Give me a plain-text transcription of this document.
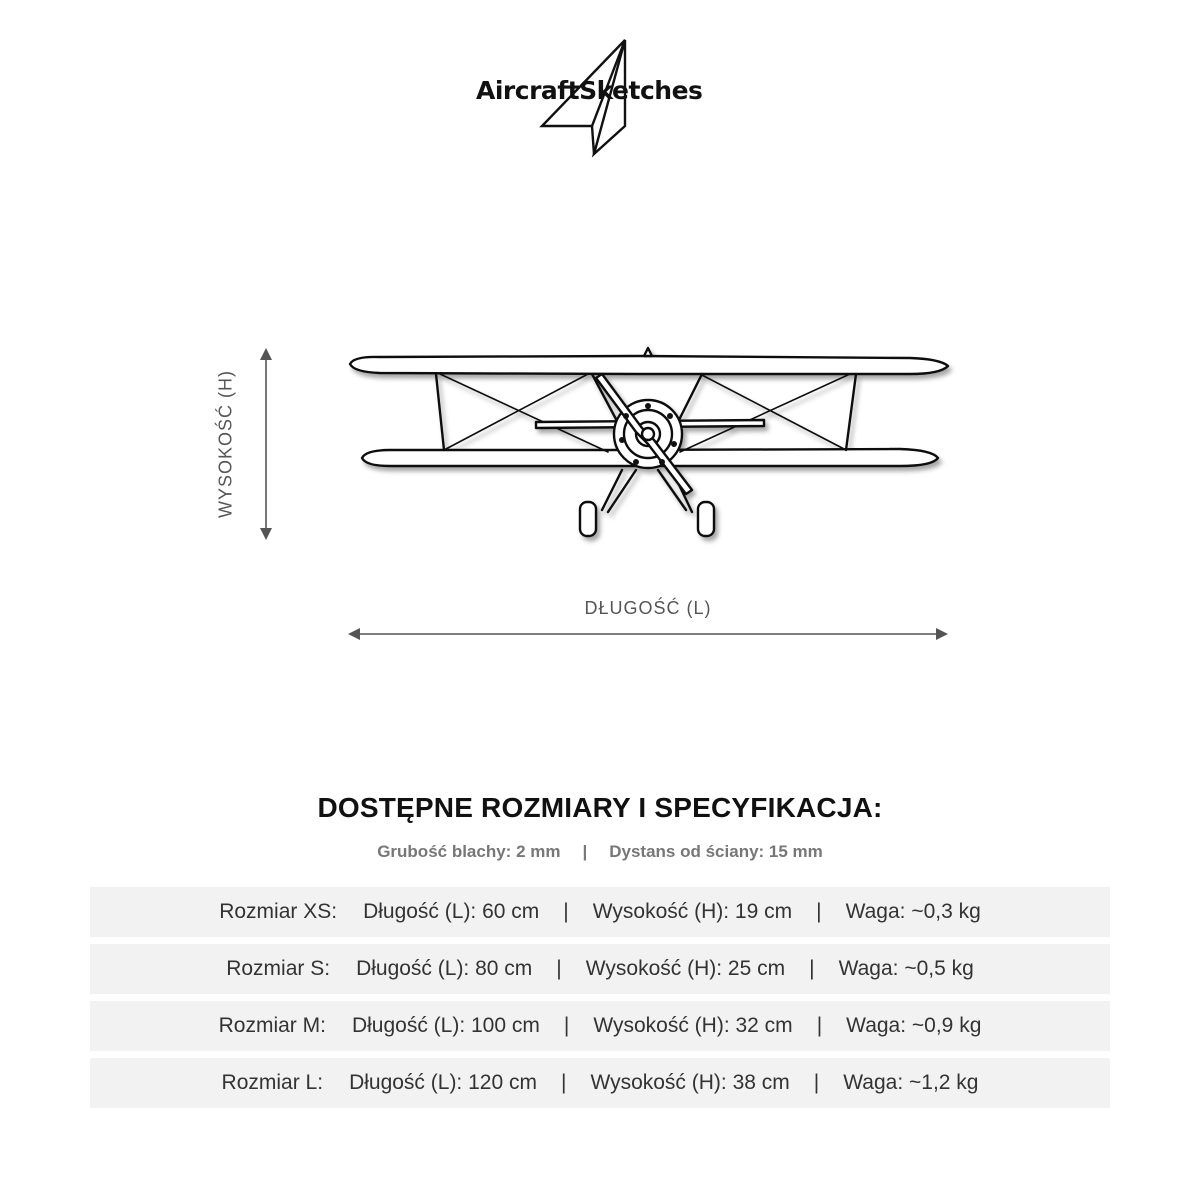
AircraftSketches
WYSOKOŚĆ (H)
DŁUGOŚĆ (L)
DOSTĘPNE ROZMIARY I SPECYFIKACJA:
Grubość blachy: 2 mm | Dystans od ściany: 15 mm
Rozmiar XS: Długość (L): 60 cm | Wysokość (H): 19 cm | Waga: ~0,3 kg
Rozmiar S: Długość (L): 80 cm | Wysokość (H): 25 cm | Waga: ~0,5 kg
Rozmiar M: Długość (L): 100 cm | Wysokość (H): 32 cm | Waga: ~0,9 kg
Rozmiar L: Długość (L): 120 cm | Wysokość (H): 38 cm | Waga: ~1,2 kg
